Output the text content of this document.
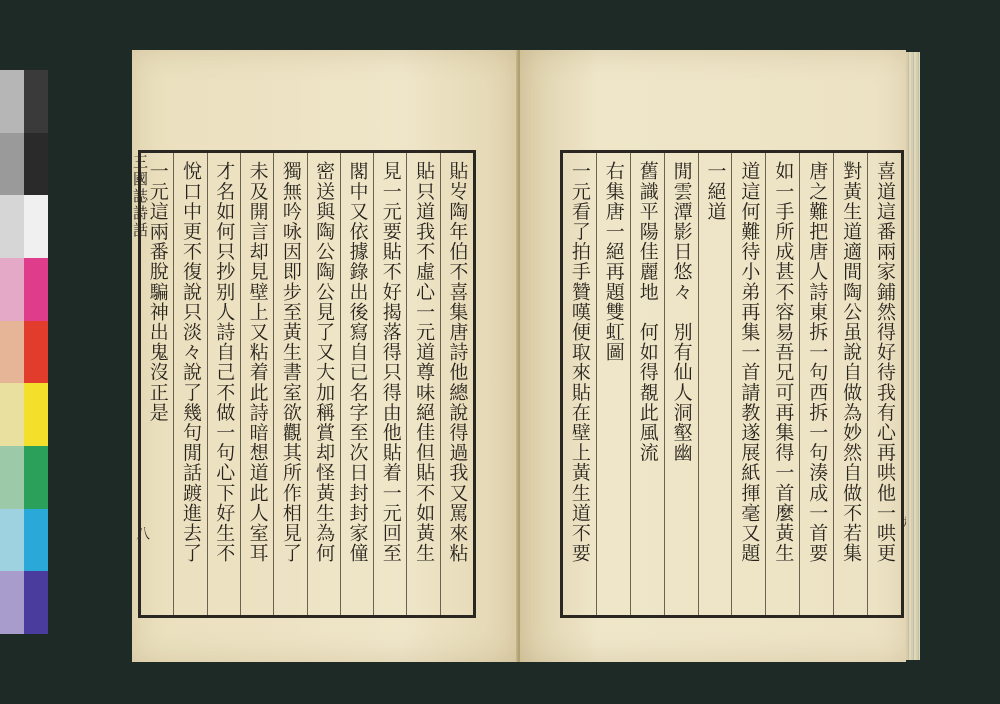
三國誌詩話
八	貼㞮陶年伯不喜集唐詩他總說得過我又罵來粘
貼只道我不虛心一元道尊味絕佳但貼不如黃生
見一元要貼不好揭落得只得由他貼着一元回至
閣中又依據錄出後寫自已名字至次日封封家僮
密送與陶公陶公見了又大加稱賞却怪黃生為何
獨無吟咏因即步至黃生書室欲觀其所作相見了
未及開言却見壁上又粘着此詩暗想道此人室耳
才名如何只抄别人詩自己不做一句心下好生不
悅口中更不復說只淡々說了幾句閒話踱進去了
一元這兩番脫騙神出鬼沒正是	喜道這番兩家鋪然得好待我有心再哄他一哄更
對黃生道適間陶公虽說自做為妙然自做不若集
唐之難把唐人詩東拆一句西拆一句湊成一首要
如一手所成甚不容易吾兄可再集得一首麼黃生
道這何難待小弟再集一首請教遂展紙揮毫又題
一絕道
閒雲潭影日悠々　別有仙人洞壑幽
舊識平陽佳麗地　何如得覩此風流
右集唐一絕再題雙虹圖
一元看了拍手贊嘆便取來貼在壁上黃生道不要
